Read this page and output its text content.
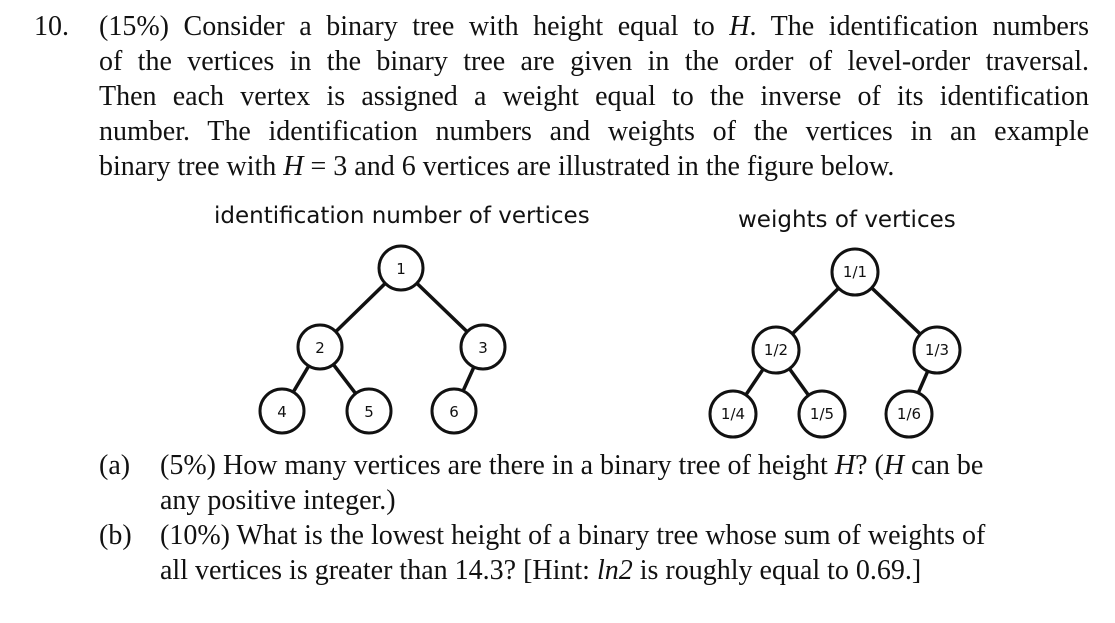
10. (15%) Consider a binary tree with height equal to H. The identification numbers
of the vertices in the binary tree are given in the order of level-order traversal.
Then each vertex is assigned a weight equal to the inverse of its identification
number. The identification numbers and weights of the vertices in an example
binary tree with H = 3 and 6 vertices are illustrated in the figure below.
identification number of vertices	weights of vertices
1
2	3
4	5	6
1/1
1/2	1/3
1/4	1/5	1/6
(a) (5%) How many vertices are there in a binary tree of height H? (H can be
any positive integer.)
(b) (10%) What is the lowest height of a binary tree whose sum of weights of
all vertices is greater than 14.3? [Hint: ln2 is roughly equal to 0.69.]
